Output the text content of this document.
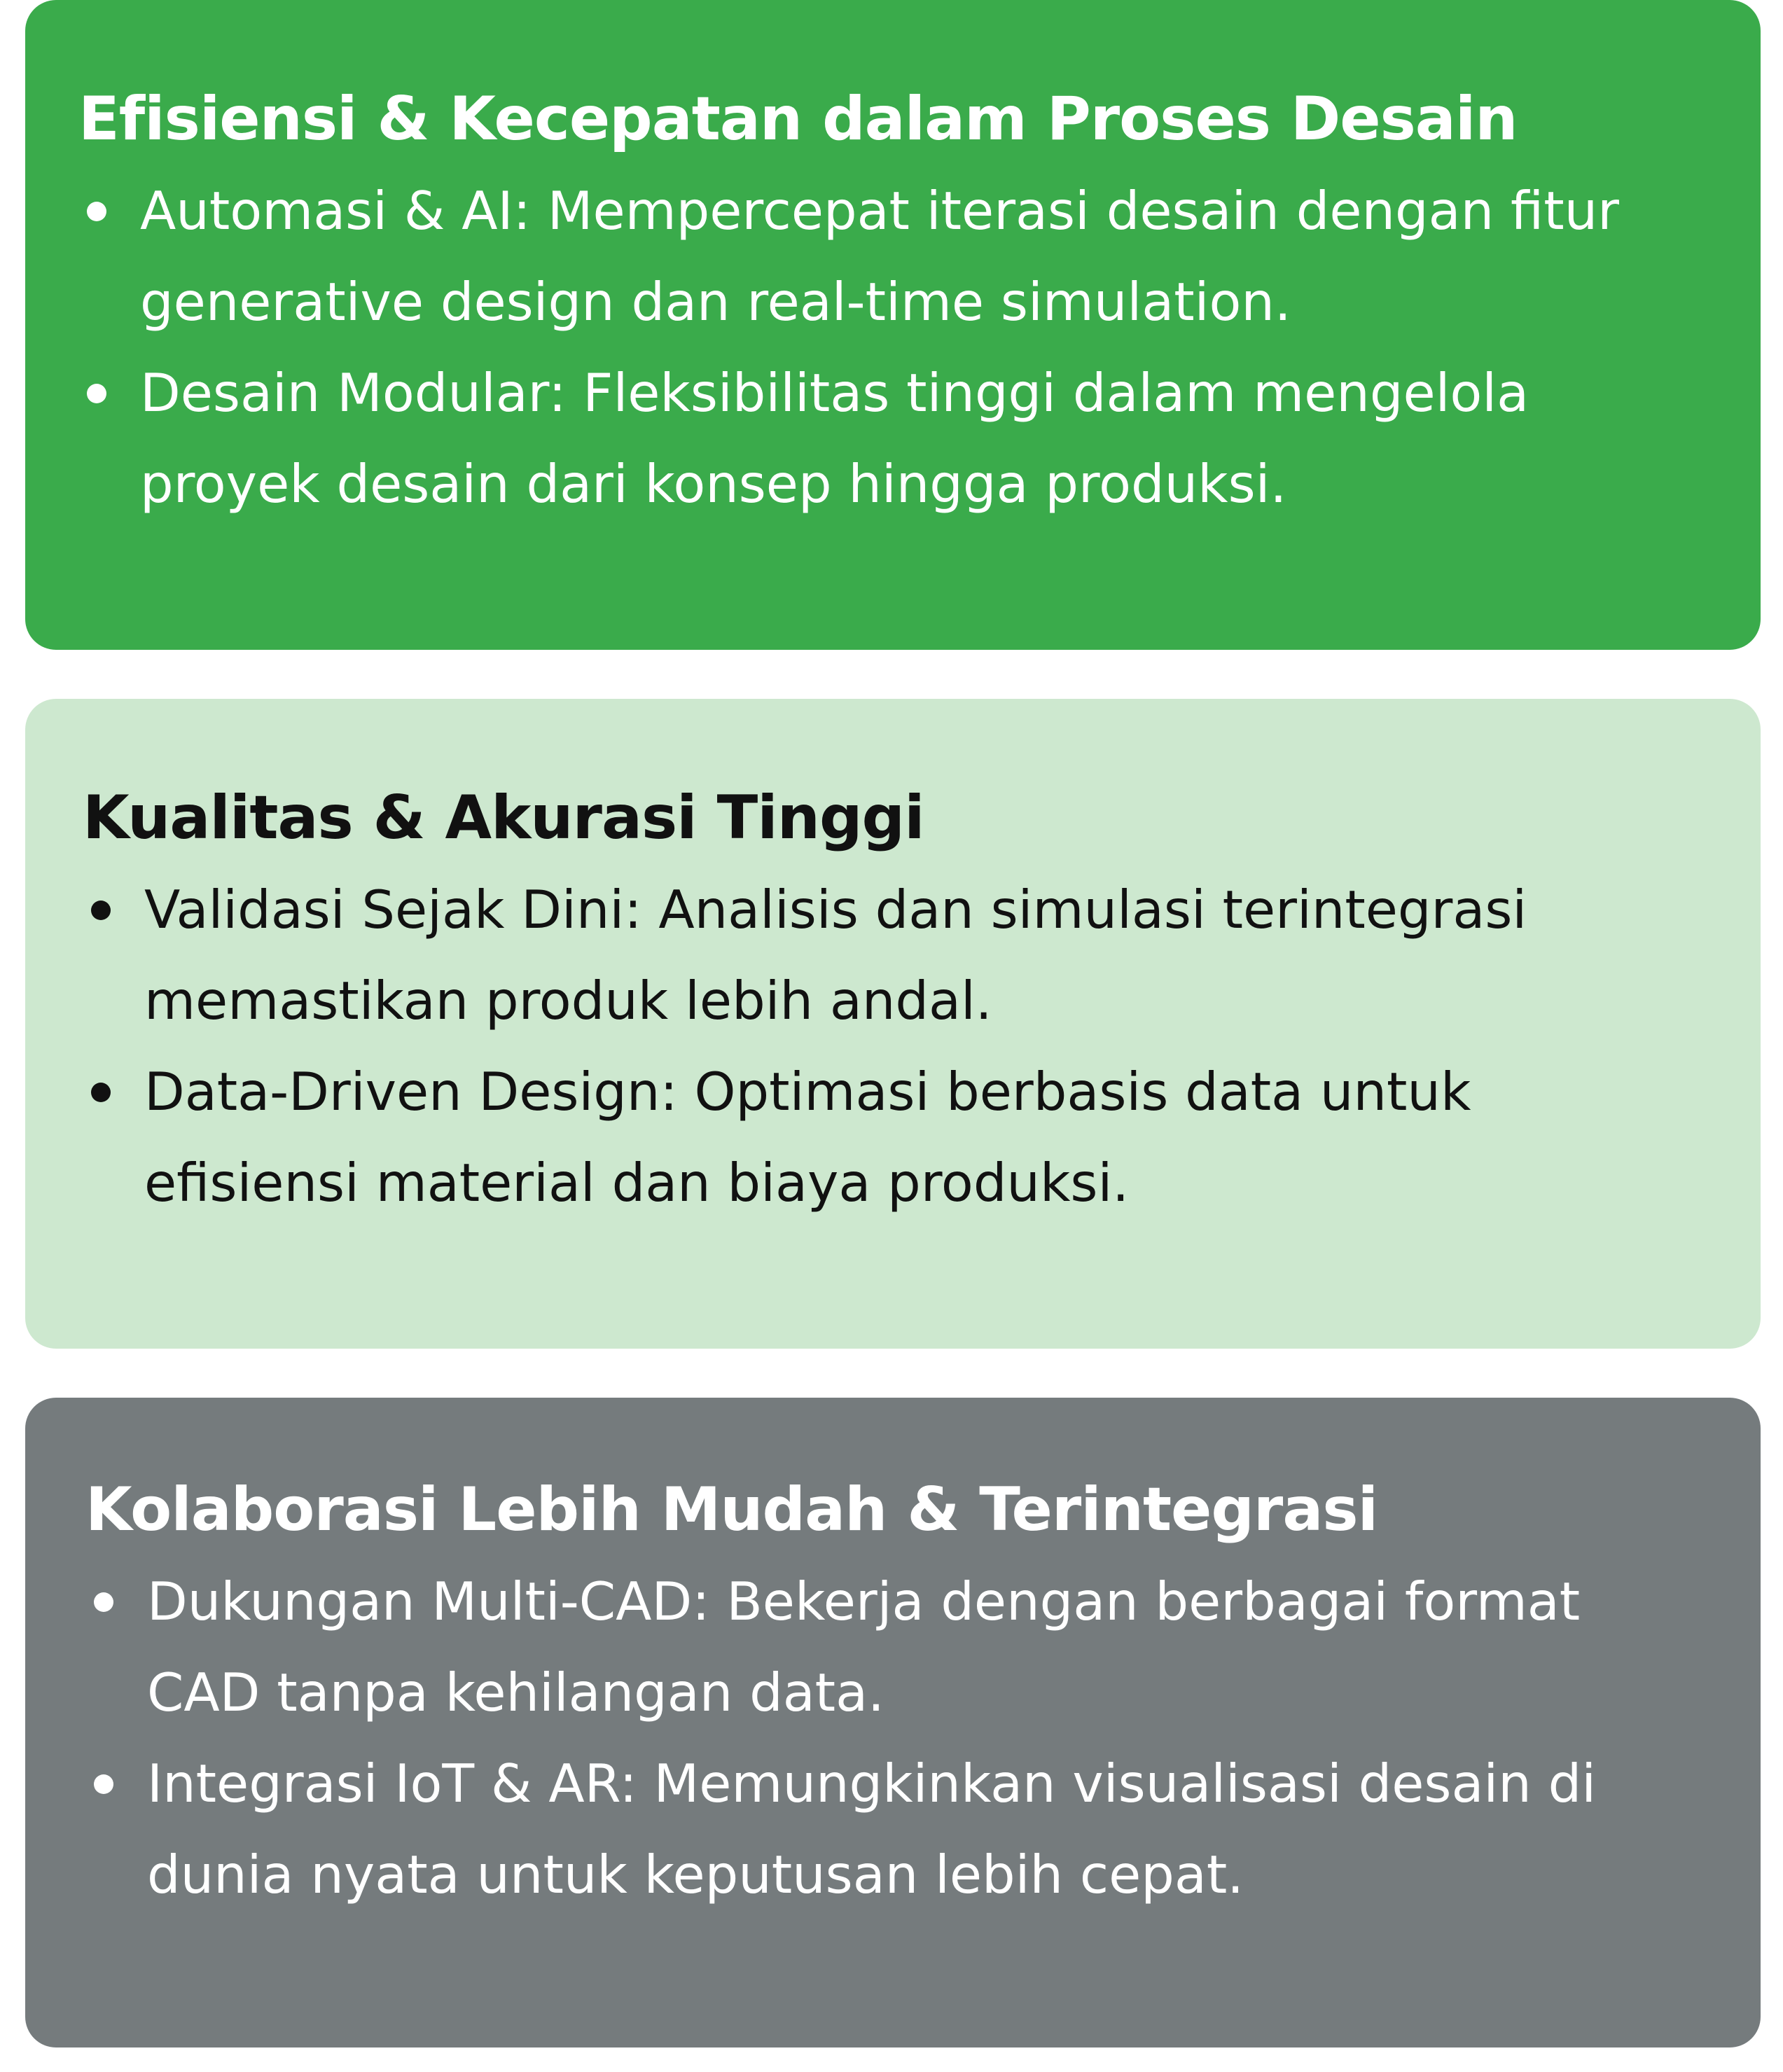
Efisiensi & Kecepatan dalam Proses Desain
Automasi & AI: Mempercepat iterasi desain dengan fitur generative design dan real-time simulation.
Desain Modular: Fleksibilitas tinggi dalam mengelola proyek desain dari konsep hingga produksi.
Kualitas & Akurasi Tinggi
Validasi Sejak Dini: Analisis dan simulasi terintegrasi memastikan produk lebih andal.
Data-Driven Design: Optimasi berbasis data untuk efisiensi material dan biaya produksi.
Kolaborasi Lebih Mudah & Terintegrasi
Dukungan Multi-CAD: Bekerja dengan berbagai format CAD tanpa kehilangan data.
Integrasi IoT & AR: Memungkinkan visualisasi desain di dunia nyata untuk keputusan lebih cepat.
